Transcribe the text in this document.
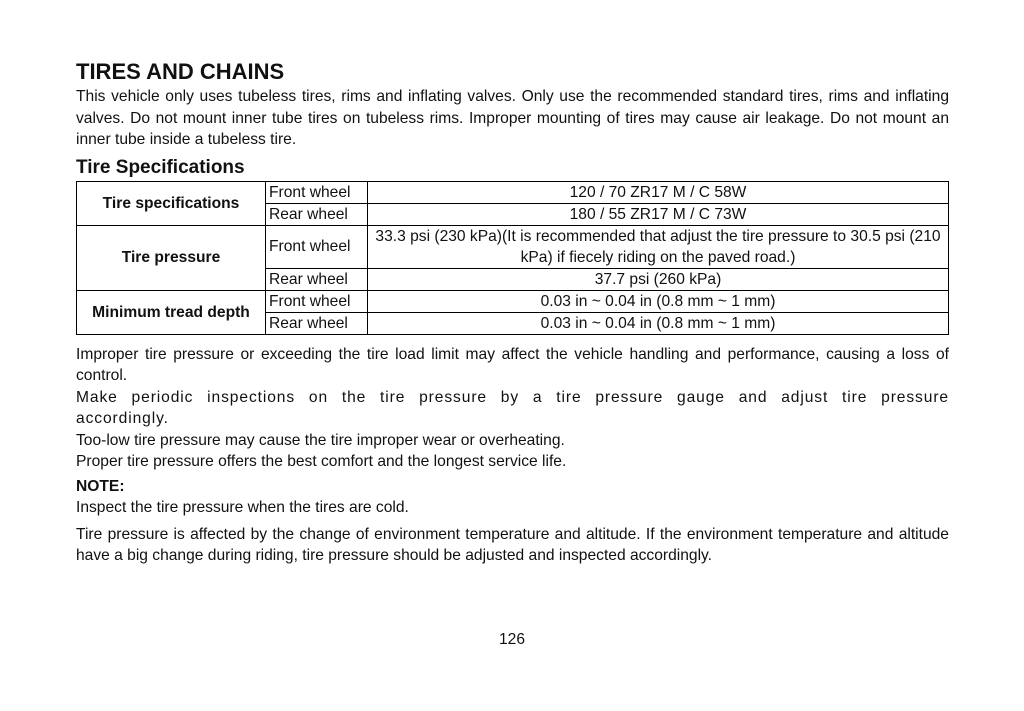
TIRES AND CHAINS

This vehicle only uses tubeless tires, rims and inflating valves. Only use the recommended standard tires, rims and inflating valves. Do not mount inner tube tires on tubeless rims. Improper mounting of tires may cause air leakage. Do not mount an inner tube inside a tubeless tire.

Tire Specifications
Tire specifications	Front wheel	120 / 70 ZR17 M / C 58W
	Rear wheel	180 / 55 ZR17 M / C 73W
Tire pressure	Front wheel	33.3 psi (230 kPa)(It is recommended that adjust the tire pressure to 30.5 psi (210 kPa) if fiecely riding on the paved road.)
	Rear wheel	37.7 psi (260 kPa)
Minimum tread depth	Front wheel	0.03 in ~ 0.04 in (0.8 mm ~ 1 mm)
	Rear wheel	0.03 in ~ 0.04 in (0.8 mm ~ 1 mm)

Improper tire pressure or exceeding the tire load limit may affect the vehicle handling and performance, causing a loss of control.

Make periodic inspections on the tire pressure by a tire pressure gauge and adjust tire pressure accordingly.

Too-low tire pressure may cause the tire improper wear or overheating.

Proper tire pressure offers the best comfort and the longest service life.

NOTE:

Inspect the tire pressure when the tires are cold.

Tire pressure is affected by the change of environment temperature and altitude. If the environment temperature and altitude have a big change during riding, tire pressure should be adjusted and inspected accordingly.

126
